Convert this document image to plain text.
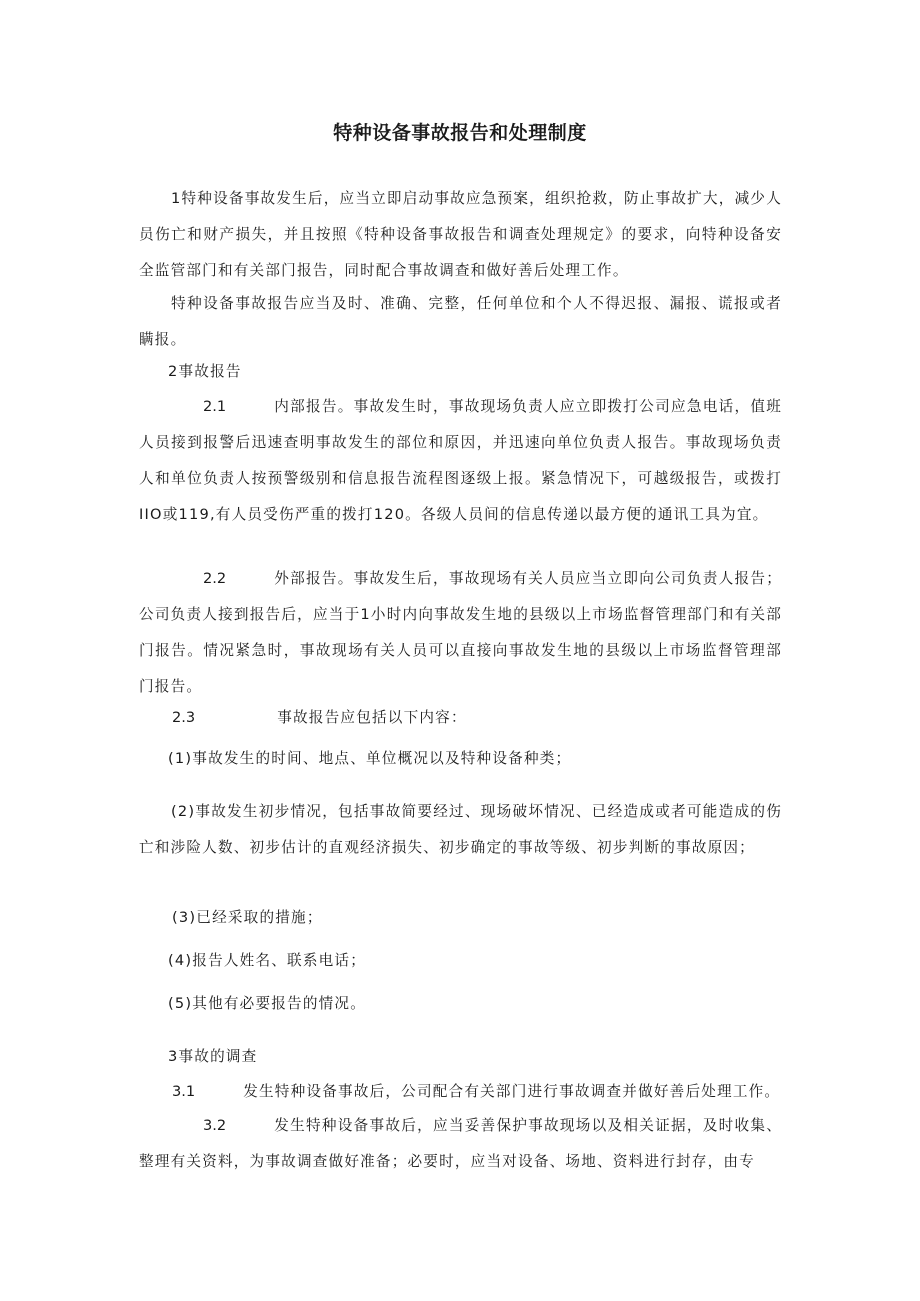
特种设备事故报告和处理制度

1特种设备事故发生后，应当立即启动事故应急预案，组织抢救，防止事故扩大，减少人员伤亡和财产损失，并且按照《特种设备事故报告和调查处理规定》的要求，向特种设备安全监管部门和有关部门报告，同时配合事故调查和做好善后处理工作。

特种设备事故报告应当及时、准确、完整，任何单位和个人不得迟报、漏报、谎报或者瞒报。

2事故报告

2.1	内部报告。事故发生时，事故现场负责人应立即拨打公司应急电话，值班人员接到报警后迅速查明事故发生的部位和原因，并迅速向单位负责人报告。事故现场负责人和单位负责人按预警级别和信息报告流程图逐级上报。紧急情况下，可越级报告，或拨打IIO或119,有人员受伤严重的拨打120。各级人员间的信息传递以最方便的通讯工具为宜。

2.2	外部报告。事故发生后，事故现场有关人员应当立即向公司负责人报告；公司负责人接到报告后，应当于1小时内向事故发生地的县级以上市场监督管理部门和有关部门报告。情况紧急时，事故现场有关人员可以直接向事故发生地的县级以上市场监督管理部门报告。

2.3	事故报告应包括以下内容：
(1)事故发生的时间、地点、单位概况以及特种设备种类；

(2)事故发生初步情况，包括事故简要经过、现场破坏情况、已经造成或者可能造成的伤亡和涉险人数、初步估计的直观经济损失、初步确定的事故等级、初步判断的事故原因；

(3)已经采取的措施；
(4)报告人姓名、联系电话；
(5)其他有必要报告的情况。
3事故的调查
3.1	发生特种设备事故后，公司配合有关部门进行事故调查并做好善后处理工作。

3.2	发生特种设备事故后，应当妥善保护事故现场以及相关证据，及时收集、整理有关资料，为事故调查做好准备；必要时，应当对设备、场地、资料进行封存，由专
